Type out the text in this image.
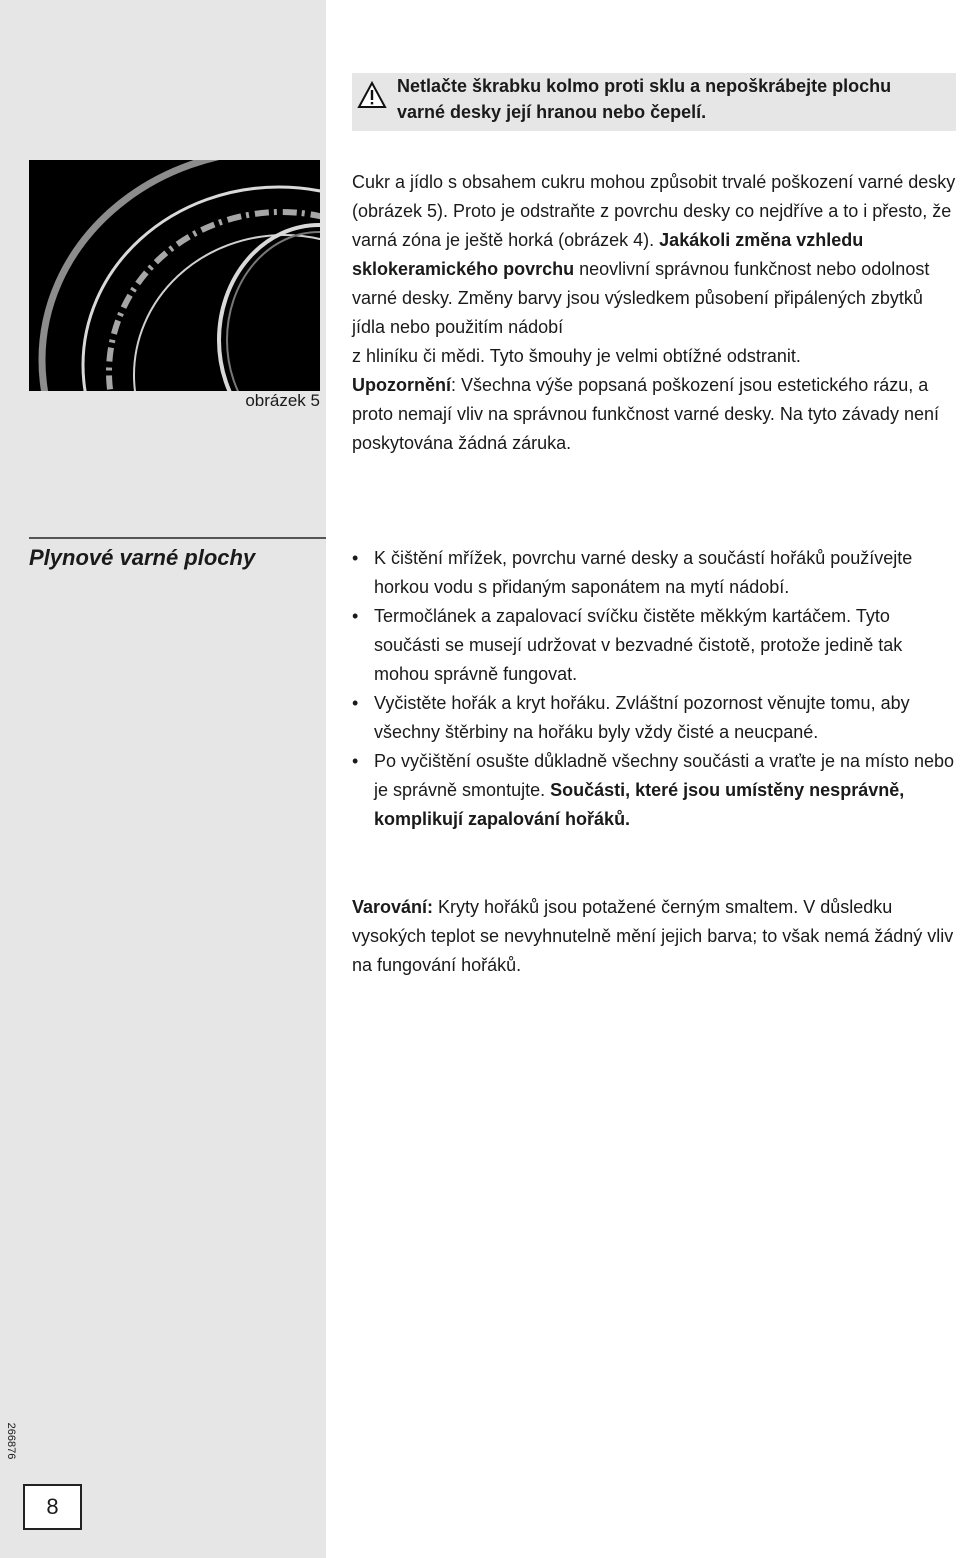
Netlačte škrabku kolmo proti sklu a nepoškrábejte plochu varné desky její hranou nebo čepelí.
obrázek 5
Cukr a jídlo s obsahem cukru mohou způsobit trvalé poškození varné desky (obrázek 5). Proto je odstraňte z povrchu desky co nejdříve a to i přesto, že varná zóna je ještě horká (obrázek 4). Jakákoli změna vzhledu sklokeramického povrchu neovlivní správnou funkčnost nebo odolnost varné desky. Změny barvy jsou výsledkem působení připálených zbytků jídla nebo použitím nádobí
z hliníku či mědi. Tyto šmouhy je velmi obtížné odstranit.
Upozornění: Všechna výše popsaná poškození jsou estetického rázu, a proto nemají vliv na správnou funkčnost varné desky. Na tyto závady není poskytována žádná záruka.
Plynové varné plochy	• K čištění mřížek, povrchu varné desky a součástí hořáků používejte horkou vodu s přidaným saponátem na mytí nádobí.
• Termočlánek a zapalovací svíčku čistěte měkkým kartáčem. Tyto součásti se musejí udržovat v bezvadné čistotě, protože jedině tak mohou správně fungovat.
• Vyčistěte hořák a kryt hořáku. Zvláštní pozornost věnujte tomu, aby všechny štěrbiny na hořáku byly vždy čisté a neucpané.
• Po vyčištění osušte důkladně všechny součásti a vraťte je na místo nebo je správně smontujte. Součásti, které jsou umístěny nesprávně, komplikují zapalování hořáků.
Varování: Kryty hořáků jsou potažené černým smaltem. V důsledku vysokých teplot se nevyhnutelně mění jejich barva; to však nemá žádný vliv na fungování hořáků.
266876
8
